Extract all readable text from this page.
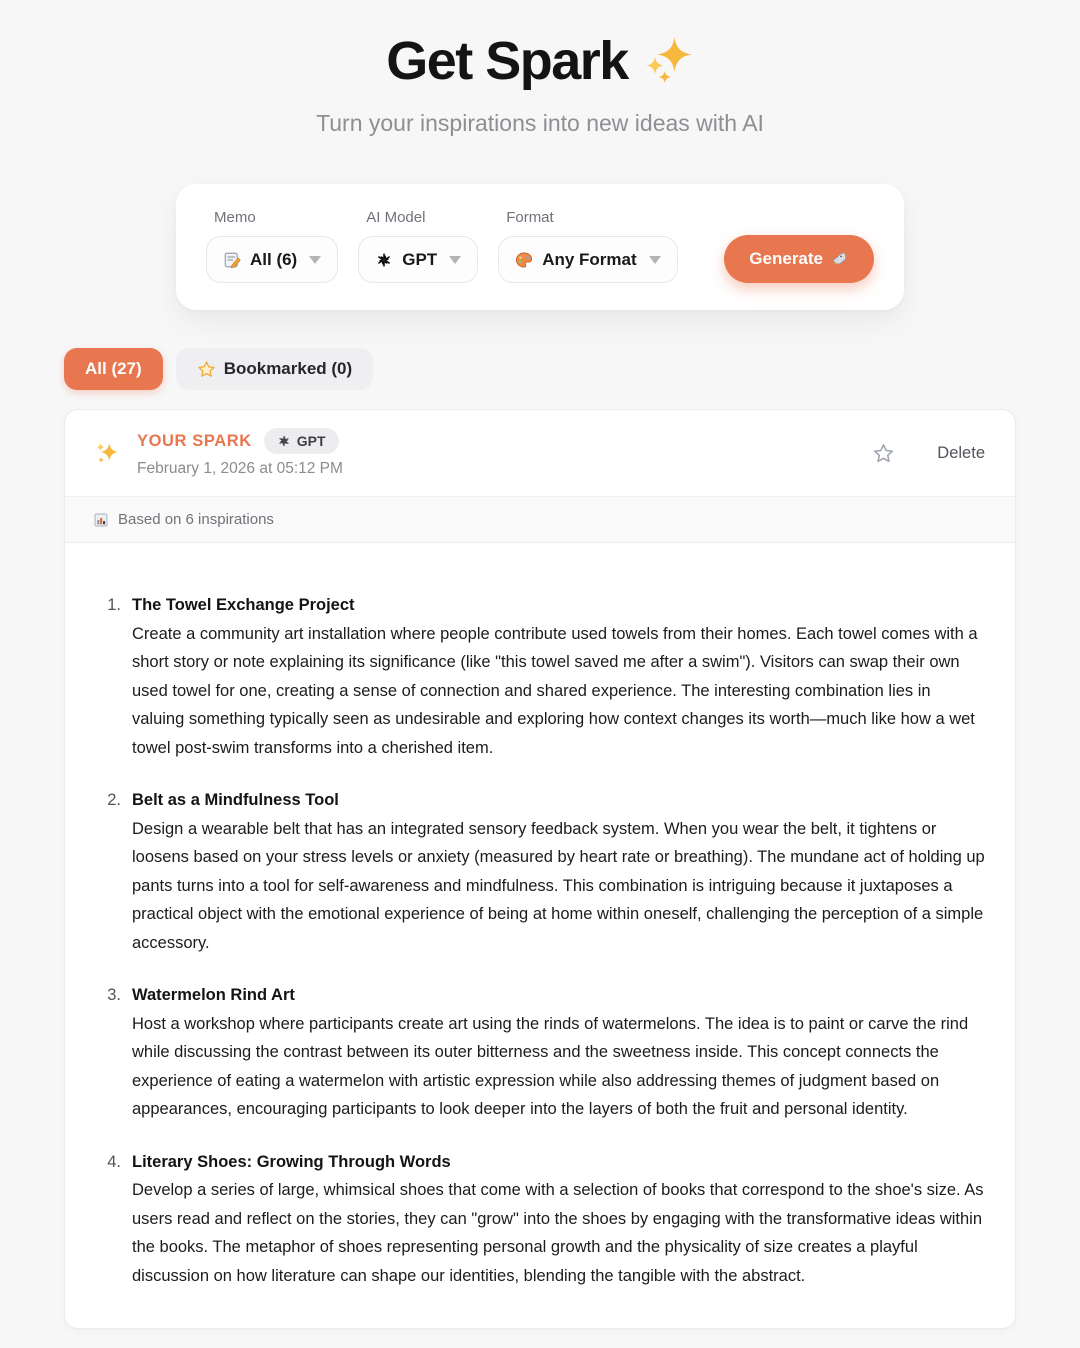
Get Spark
Turn your inspirations into new ideas with AI
Memo
All (6)
AI Model
GPT
Format
Any Format	Generate
All (27)	Bookmarked (0)
YOUR SPARK	GPT
February 1, 2026 at 05:12 PM
Delete
Based on 6 inspirations
1. The Towel Exchange Project

Create a community art installation where people contribute used towels from their homes. Each towel comes with a short story or note explaining its significance (like "this towel saved me after a swim"). Visitors can swap their own used towel for one, creating a sense of connection and shared experience. The interesting combination lies in valuing something typically seen as undesirable and exploring how context changes its worth—much like how a wet towel post-swim transforms into a cherished item.

2. Belt as a Mindfulness Tool

Design a wearable belt that has an integrated sensory feedback system. When you wear the belt, it tightens or loosens based on your stress levels or anxiety (measured by heart rate or breathing). The mundane act of holding up pants turns into a tool for self-awareness and mindfulness. This combination is intriguing because it juxtaposes a practical object with the emotional experience of being at home within oneself, challenging the perception of a simple accessory.

3. Watermelon Rind Art

Host a workshop where participants create art using the rinds of watermelons. The idea is to paint or carve the rind while discussing the contrast between its outer bitterness and the sweetness inside. This concept connects the experience of eating a watermelon with artistic expression while also addressing themes of judgment based on appearances, encouraging participants to look deeper into the layers of both the fruit and personal identity.

4. Literary Shoes: Growing Through Words

Develop a series of large, whimsical shoes that come with a selection of books that correspond to the shoe's size. As users read and reflect on the stories, they can "grow" into the shoes by engaging with the transformative ideas within the books. The metaphor of shoes representing personal growth and the physicality of size creates a playful discussion on how literature can shape our identities, blending the tangible with the abstract.
